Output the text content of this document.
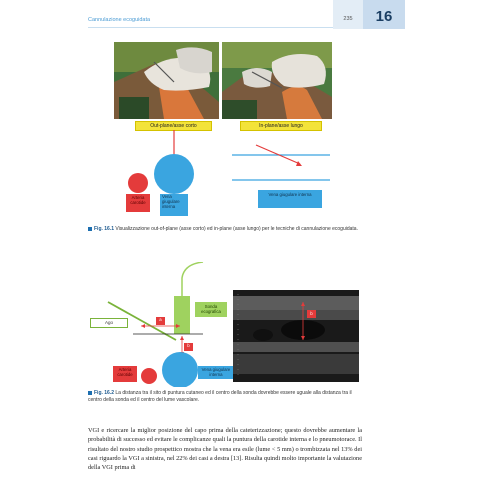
Cannulazione ecoguidata	235	16
Out-plane/asse corto	In-plane/asse lungo
Arteria carotide
Vena giugulare interna
Vena giugulare interna
Fig. 16.1 Visualizzazione out-of-plane (asse corto) ed in-plane (asse lungo) per le tecniche di cannulazione ecoguidata.
Ago
Sonda ecografica
a
b
Arteria carotide
Vena giugulare interna
b
Fig. 16.2 La distanza tra il sito di puntura cutaneo ed il centro della sonda dovrebbe essere uguale alla distanza tra il centro della sonda ed il centro del lume vascolare.
VGI e ricercare la miglior posizione del capo prima della cateterizzazione; questo dovrebbe aumentare la probabilità di successo ed evitare le complicanze quali la puntura della carotide interna e lo pneumotorace. Il risultato del nostro studio prospettico mostra che la vena era esile (lume < 5 mm) o trombizzata nel 13% dei casi riguardo la VGI a sinistra, nel 22% dei casi a destra [13]. Risulta quindi molto importante la valutazione della VGI prima di
